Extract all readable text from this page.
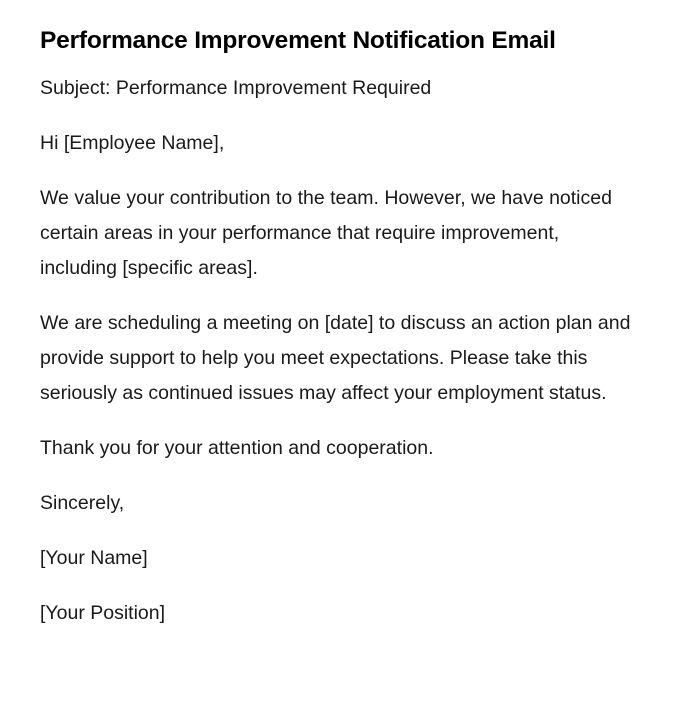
Performance Improvement Notification Email

Subject: Performance Improvement Required

Hi [Employee Name],

We value your contribution to the team. However, we have noticed certain areas in your performance that require improvement, including [specific areas].

We are scheduling a meeting on [date] to discuss an action plan and provide support to help you meet expectations. Please take this seriously as continued issues may affect your employment status.

Thank you for your attention and cooperation.

Sincerely,

[Your Name]

[Your Position]
